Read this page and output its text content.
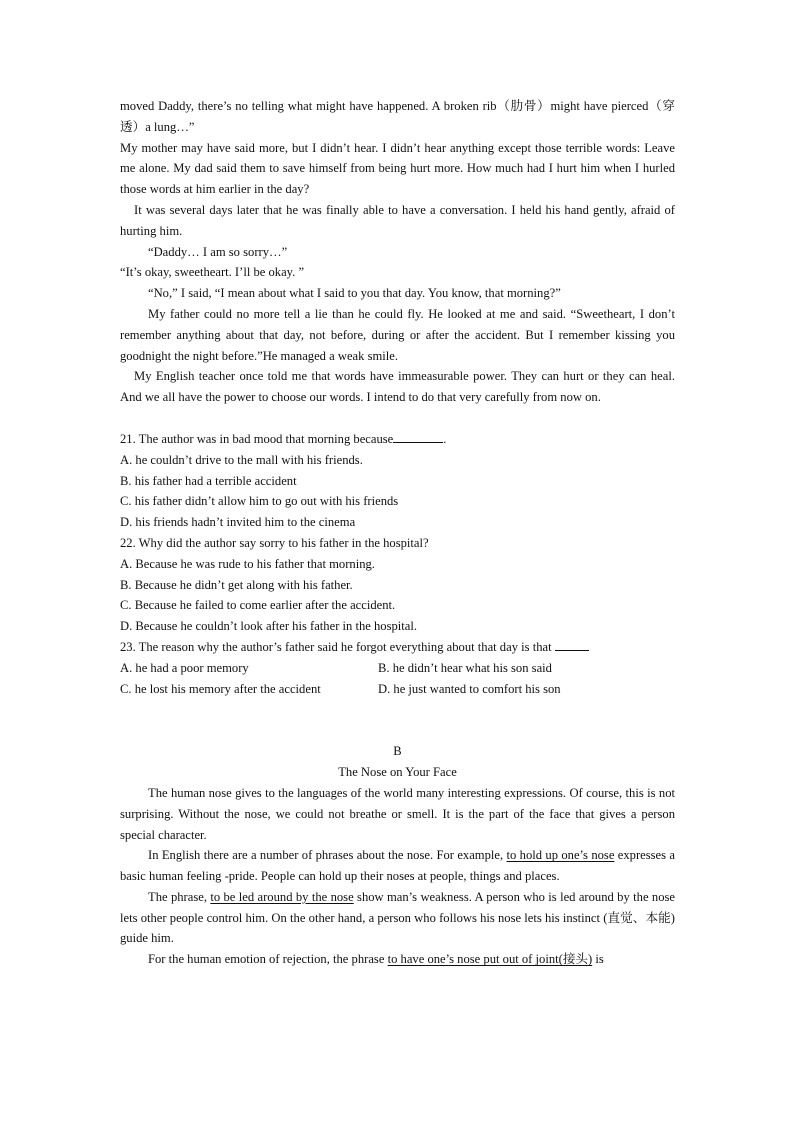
moved Daddy, there’s no telling what might have happened. A broken rib（肋骨）might have pierced（穿透）a lung…”

My mother may have said more, but I didn’t hear. I didn’t hear anything except those terrible words: Leave me alone. My dad said them to save himself from being hurt more. How much had I hurt him when I hurled those words at him earlier in the day?

It was several days later that he was finally able to have a conversation. I held his hand gently, afraid of hurting him.

“Daddy… I am so sorry…”

“It’s okay, sweetheart. I’ll be okay. ”

“No,” I said, “I mean about what I said to you that day. You know, that morning?”

My father could no more tell a lie than he could fly. He looked at me and said. “Sweetheart, I don’t remember anything about that day, not before, during or after the accident. But I remember kissing you goodnight the night before.”He managed a weak smile.

My English teacher once told me that words have immeasurable power. They can hurt or they can heal. And we all have the power to choose our words. I intend to do that very carefully from now on.

21. The author was in bad mood that morning because	.

A. he couldn’t drive to the mall with his friends.

B. his father had a terrible accident

C. his father didn’t allow him to go out with his friends

D. his friends hadn’t invited him to the cinema

22. Why did the author say sorry to his father in the hospital?

A. Because he was rude to his father that morning.

B. Because he didn’t get along with his father.

C. Because he failed to come earlier after the accident.

D. Because he couldn’t look after his father in the hospital.

23. The reason why the author’s father said he forgot everything about that day is that

A. he had a poor memory	B. he didn’t hear what his son said
C. he lost his memory after the accident	D. he just wanted to comfort his son

B

The Nose on Your Face

The human nose gives to the languages of the world many interesting expressions. Of course, this is not surprising. Without the nose, we could not breathe or smell. It is the part of the face that gives a person special character.

In English there are a number of phrases about the nose. For example, to hold up one’s nose expresses a basic human feeling -pride. People can hold up their noses at people, things and places.

The phrase, to be led around by the nose show man’s weakness. A person who is led around by the nose lets other people control him. On the other hand, a person who follows his nose lets his instinct (直觉、本能) guide him.

For the human emotion of rejection, the phrase to have one’s nose put out of joint(接头) is
